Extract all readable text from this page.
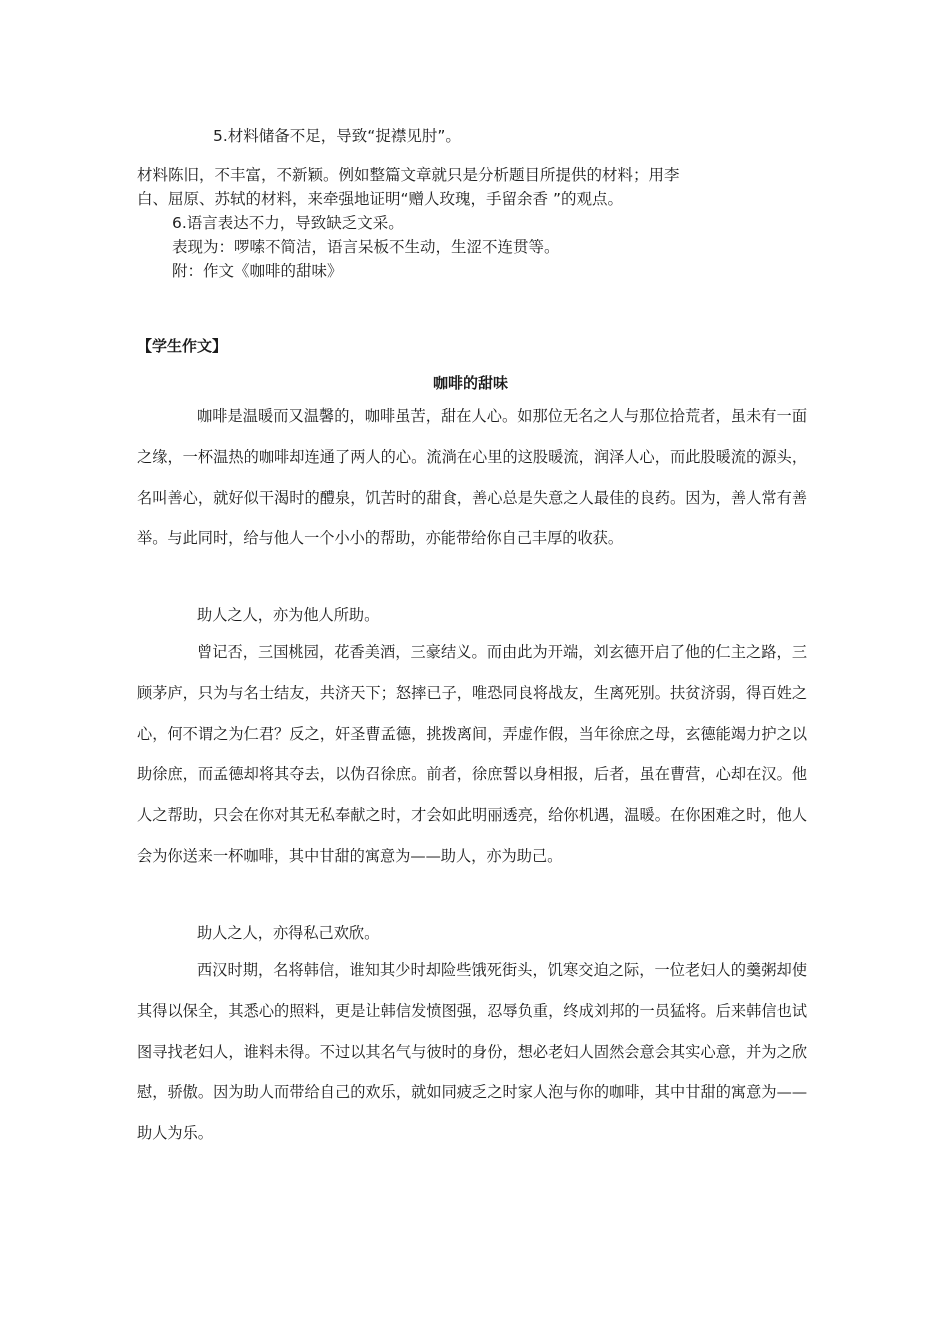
5.材料储备不足，导致“捉襟见肘”。
材料陈旧，不丰富，不新颖。例如整篇文章就只是分析题目所提供的材料；用李
白、屈原、苏轼的材料，来牵强地证明“赠人玫瑰，手留余香 ”的观点。
6.语言表达不力，导致缺乏文采。
表现为：啰嗦不简洁，语言呆板不生动，生涩不连贯等。
附：作文《咖啡的甜味》
【学生作文】
咖啡的甜味
咖啡是温暖而又温馨的，咖啡虽苦，甜在人心。如那位无名之人与那位拾荒者，虽未有一面之缘，一杯温热的咖啡却连通了两人的心。流淌在心里的这股暖流，润泽人心，而此股暖流的源头，名叫善心，就好似干渴时的醴泉，饥苦时的甜食，善心总是失意之人最佳的良药。因为，善人常有善举。与此同时，给与他人一个小小的帮助，亦能带给你自己丰厚的收获。
助人之人，亦为他人所助。
曾记否，三国桃园，花香美酒，三豪结义。而由此为开端，刘玄德开启了他的仁主之路，三顾茅庐，只为与名士结友，共济天下；怒摔已子，唯恐同良将战友，生离死别。扶贫济弱，得百姓之心，何不谓之为仁君？反之，奸圣曹孟德，挑拨离间，弄虚作假，当年徐庶之母，玄德能竭力护之以助徐庶，而孟德却将其夺去，以伪召徐庶。前者，徐庶誓以身相报，后者，虽在曹营，心却在汉。他人之帮助，只会在你对其无私奉献之时，才会如此明丽透亮，给你机遇，温暖。在你困难之时，他人会为你送来一杯咖啡，其中甘甜的寓意为——助人，亦为助己。
助人之人，亦得私己欢欣。
西汉时期，名将韩信，谁知其少时却险些饿死街头，饥寒交迫之际，一位老妇人的羹粥却使其得以保全，其悉心的照料，更是让韩信发愤图强，忍辱负重，终成刘邦的一员猛将。后来韩信也试图寻找老妇人，谁料未得。不过以其名气与彼时的身份，想必老妇人固然会意会其实心意，并为之欣慰，骄傲。因为助人而带给自己的欢乐，就如同疲乏之时家人泡与你的咖啡，其中甘甜的寓意为——助人为乐。
